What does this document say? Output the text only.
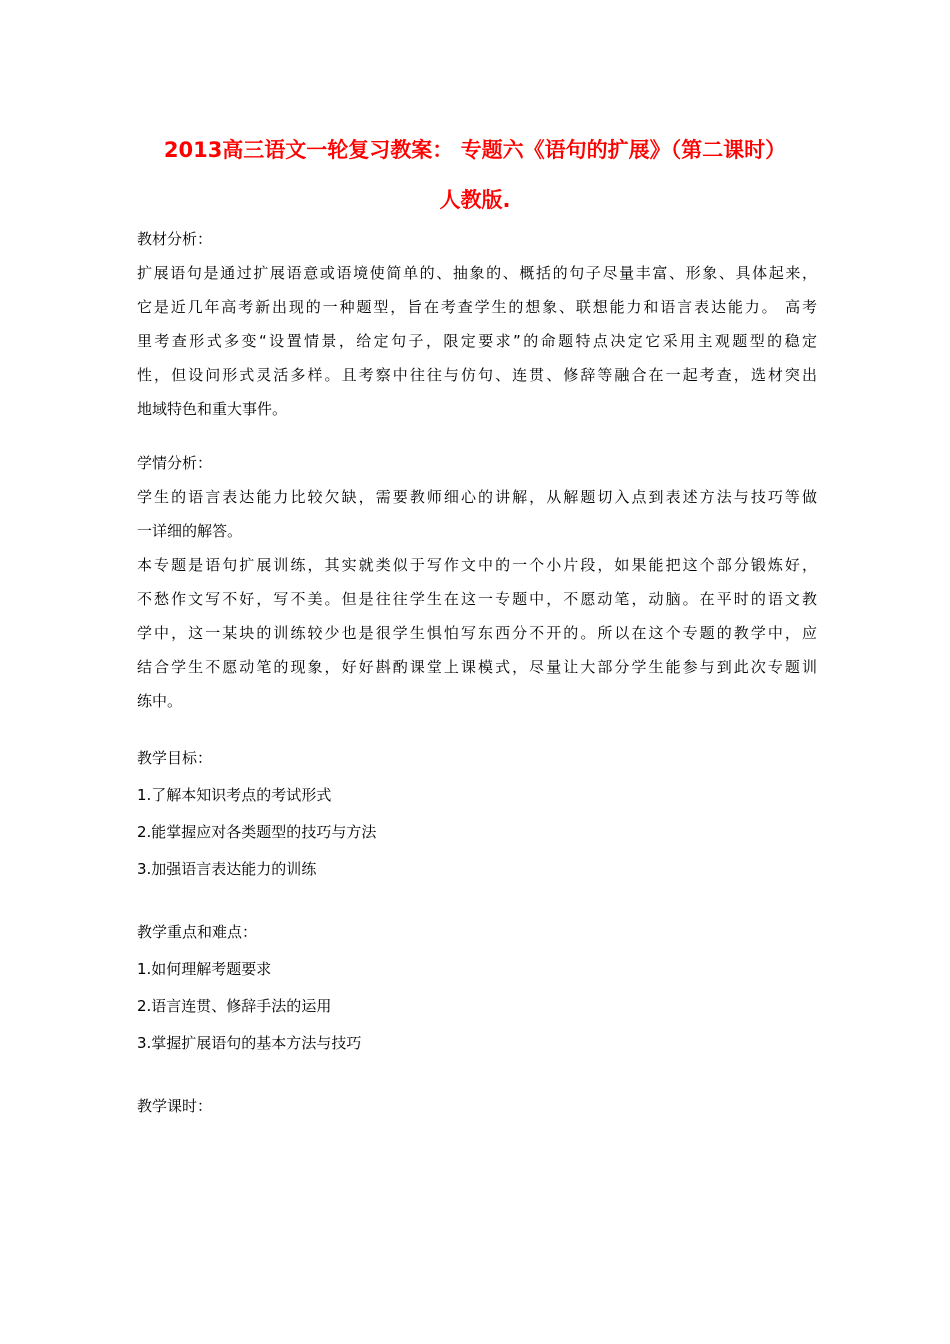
2013高三语文一轮复习教案： 专题六《语句的扩展》（第二课时）
人教版.
教材分析：
扩展语句是通过扩展语意或语境使简单的、抽象的、概括的句子尽量丰富、形象、具体起来，
它是近几年高考新出现的一种题型，旨在考查学生的想象、联想能力和语言表达能力。 高考
里考查形式多变“设置情景，给定句子，限定要求”的命题特点决定它采用主观题型的稳定
性，但设问形式灵活多样。且考察中往往与仿句、连贯、修辞等融合在一起考查，选材突出
地域特色和重大事件。
学情分析：
学生的语言表达能力比较欠缺，需要教师细心的讲解，从解题切入点到表述方法与技巧等做
一详细的解答。
本专题是语句扩展训练，其实就类似于写作文中的一个小片段，如果能把这个部分锻炼好，
不愁作文写不好，写不美。但是往往学生在这一专题中，不愿动笔，动脑。在平时的语文教
学中，这一某块的训练较少也是很学生惧怕写东西分不开的。所以在这个专题的教学中，应
结合学生不愿动笔的现象，好好斟酌课堂上课模式，尽量让大部分学生能参与到此次专题训
练中。
教学目标：
1.了解本知识考点的考试形式
2.能掌握应对各类题型的技巧与方法
3.加强语言表达能力的训练
教学重点和难点：
1.如何理解考题要求
2.语言连贯、修辞手法的运用
3.掌握扩展语句的基本方法与技巧
教学课时：
